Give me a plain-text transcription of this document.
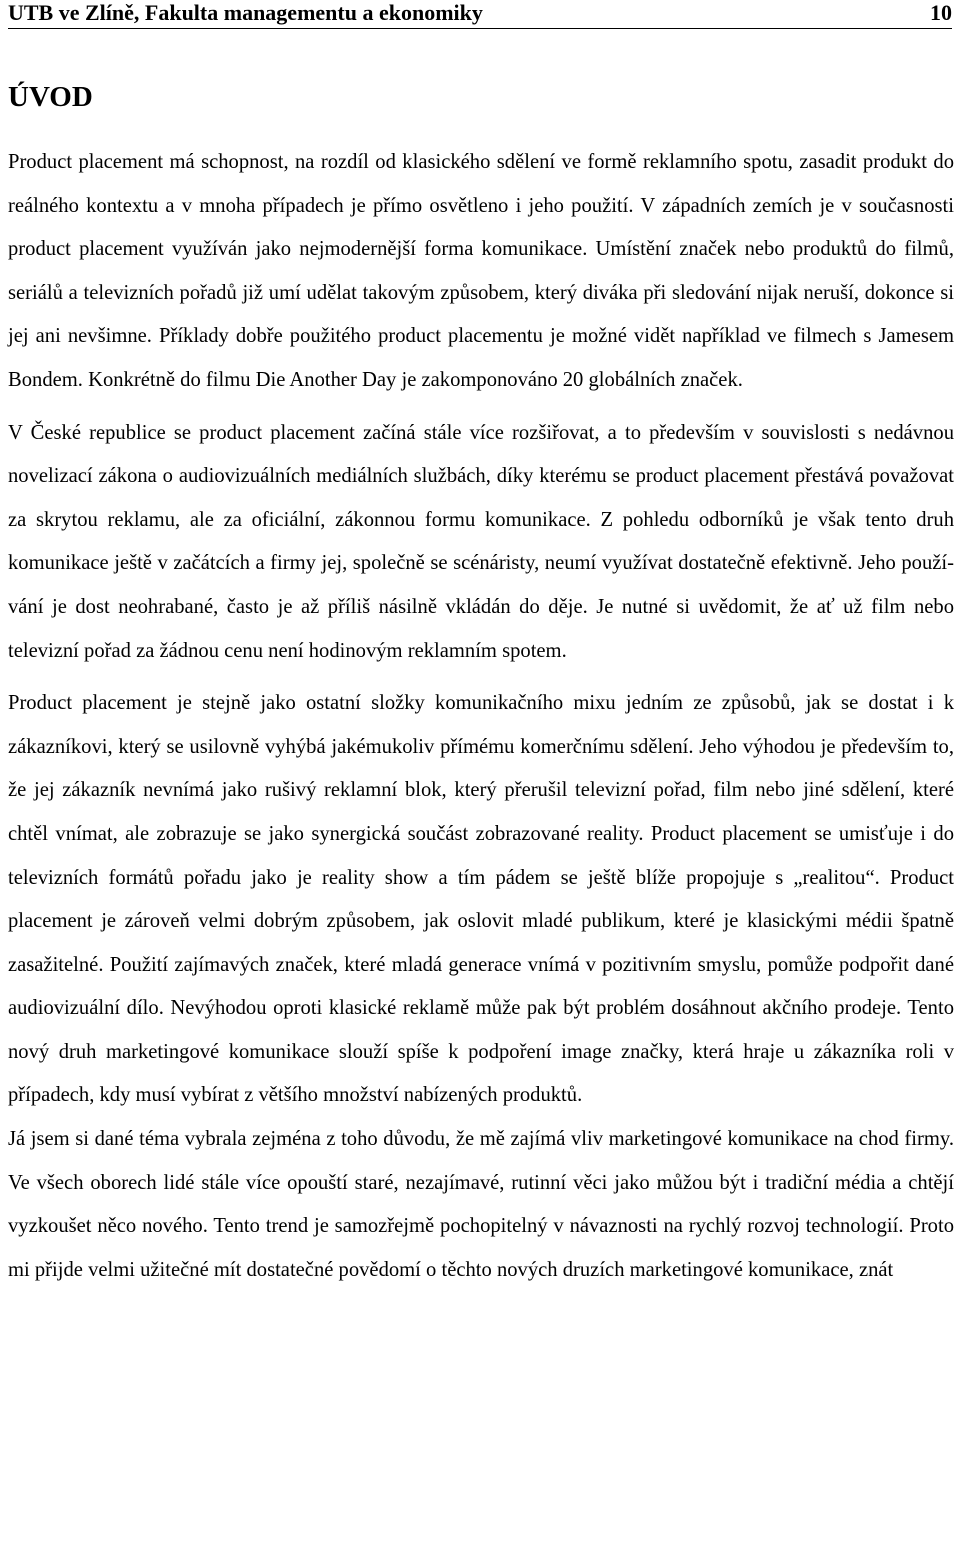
UTB ve Zlíně, Fakulta managementu a ekonomiky	10
ÚVOD

Product placement má schopnost, na rozdíl od klasického sdělení ve formě reklamního spotu, zasadit produkt do reálného kontextu a v mnoha případech je přímo osvětleno i jeho použití. V západních zemích je v současnosti product placement využíván jako nejmodernější forma komunikace. Umístění značek nebo produktů do filmů, seriálů a televizních pořadů již umí udělat takovým způsobem, který diváka při sledování nijak neruší, dokonce si jej ani nevšimne. Příklady dobře použitého product placementu je možné vidět například ve filmech s Jamesem Bondem. Konkrétně do filmu Die Another Day je zakomponováno 20 globálních značek.

V České republice se product placement začíná stále více rozšiřovat, a to především v souvislosti s nedávnou novelizací zákona o audiovizuálních mediálních službách, díky kterému se product placement přestává považovat za skrytou reklamu, ale za oficiální, zákonnou formu komunikace. Z pohledu odborníků je však tento druh komunikace ještě v začátcích a firmy jej, společně se scénáristy, neumí využívat dostatečně efektivně. Jeho používání je dost neohrabané, často je až příliš násilně vkládán do děje. Je nutné si uvědomit, že ať už film nebo televizní pořad za žádnou cenu není hodinovým reklamním spotem.

Product placement je stejně jako ostatní složky komunikačního mixu jedním ze způsobů, jak se dostat i k zákazníkovi, který se usilovně vyhýbá jakémukoliv přímému komerčnímu sdělení. Jeho výhodou je především to, že jej zákazník nevnímá jako rušivý reklamní blok, který přerušil televizní pořad, film nebo jiné sdělení, které chtěl vnímat, ale zobrazuje se jako synergická součást zobrazované reality. Product placement se umisťuje i do televizních formátů pořadu jako je reality show a tím pádem se ještě blíže propojuje s „realitou“. Product placement je zároveň velmi dobrým způsobem, jak oslovit mladé publikum, které je klasickými médii špatně zasažitelné. Použití zajímavých značek, které mladá generace vnímá v pozitivním smyslu, pomůže podpořit dané audiovizuální dílo. Nevýhodou oproti klasické reklamě může pak být problém dosáhnout akčního prodeje. Tento nový druh marketingové komunikace slouží spíše k podpoření image značky, která hraje u zákazníka roli v případech, kdy musí vybírat z většího množství nabízených produktů.

Já jsem si dané téma vybrala zejména z toho důvodu, že mě zajímá vliv marketingové komunikace na chod firmy. Ve všech oborech lidé stále více opouští staré, nezajímavé, rutinní věci jako můžou být i tradiční média a chtějí vyzkoušet něco nového. Tento trend je samozřejmě pochopitelný v návaznosti na rychlý rozvoj technologií. Proto mi přijde velmi užitečné mít dostatečné povědomí o těchto nových druzích marketingové komunikace, znát
